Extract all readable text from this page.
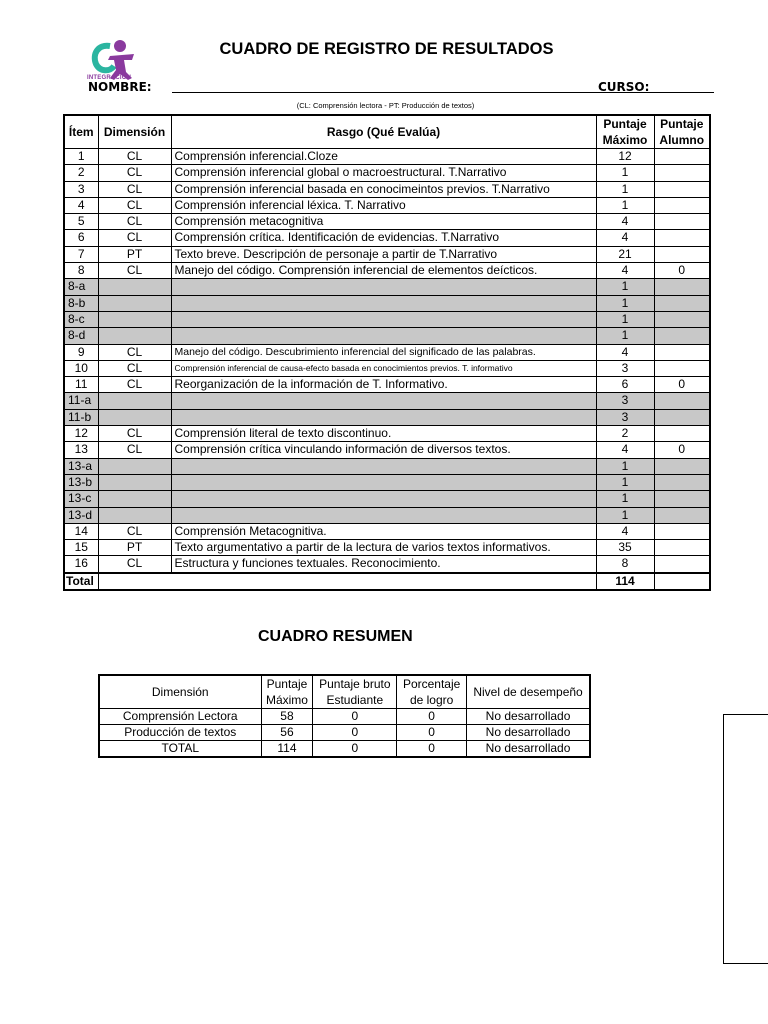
INTEGRACION
CUADRO DE REGISTRO DE RESULTADOS
NOMBRE:	CURSO:
(CL: Comprensión lectora - PT: Producción de textos)
Ítem	Dimensión	Rasgo (Qué Evalúa)	Puntaje Máximo	Puntaje Alumno
1	CL	Comprensión inferencial.Cloze	12	
2	CL	Comprensión inferencial global o macroestructural. T.Narrativo	1	
3	CL	Comprensión inferencial basada en conocimeintos previos. T.Narrativo	1	
4	CL	Comprensión inferencial léxica. T. Narrativo	1	
5	CL	Comprensión metacognitiva	4	
6	CL	Comprensión crítica. Identificación de evidencias. T.Narrativo	4	
7	PT	Texto breve. Descripción de personaje a partir de T.Narrativo	21	
8	CL	Manejo del código. Comprensión inferencial de elementos deícticos.	4	0
8-a			1	
8-b			1	
8-c			1	
8-d			1	
9	CL	Manejo del código. Descubrimiento inferencial del significado de las palabras.	4	
10	CL	Comprensión inferencial de causa-efecto basada en conocimientos previos. T. informativo	3	
11	CL	Reorganización de la información de T. Informativo.	6	0
11-a			3	
11-b			3	
12	CL	Comprensión literal de texto discontinuo.	2	
13	CL	Comprensión crítica vinculando información de diversos textos.	4	0
13-a			1	
13-b			1	
13-c			1	
13-d			1	
14	CL	Comprensión Metacognitiva.	4	
15	PT	Texto argumentativo a partir de la lectura de varios textos informativos.	35	
16	CL	Estructura y funciones textuales. Reconocimiento.	8	
Total			114	
CUADRO RESUMEN
Dimensión	Puntaje Máximo	Puntaje bruto Estudiante	Porcentaje de logro	Nivel de desempeño
Comprensión Lectora	58	0	0	No desarrollado
Producción de textos	56	0	0	No desarrollado
TOTAL	114	0	0	No desarrollado
